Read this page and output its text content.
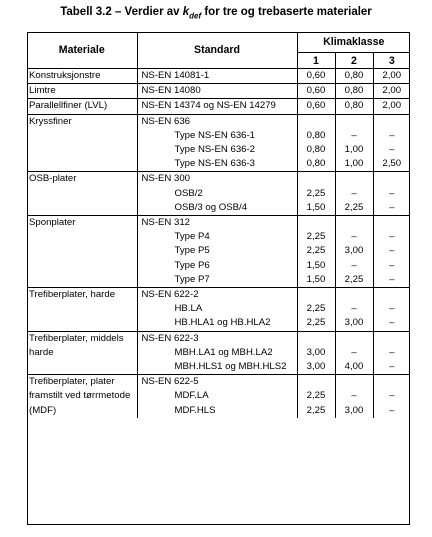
Tabell 3.2 – Verdier av $k_{def}$ for tre og trebaserte materialer
Materiale	Standard	Klimaklasse		
		1	2	3
Konstruksjonstre	NS-EN 14081-1	0,60	0,80	2,00
Limtre	NS-EN 14080	0,60	0,80	2,00
Parallellfiner (LVL)	NS-EN 14374 og NS-EN 14279	0,60	0,80	2,00
Kryssfiner	NS-EN 636			
	Type NS-EN 636-1	0,80	–	–
	Type NS-EN 636-2	0,80	1,00	–
	Type NS-EN 636-3	0,80	1,00	2,50
OSB-plater	NS-EN 300			
	OSB/2	2,25	–	–
	OSB/3 og OSB/4	1,50	2,25	–
Sponplater	NS-EN 312			
	Type P4	2,25	–	–
	Type P5	2,25	3,00	–
	Type P6	1,50	–	–
	Type P7	1,50	2,25	–
Trefiberplater, harde	NS-EN 622-2			
	HB.LA	2,25	–	–
	HB.HLA1 og HB.HLA2	2,25	3,00	–
Trefiberplater, middels harde	NS-EN 622-3			
	MBH.LA1 og MBH.LA2	3,00	–	–
	MBH.HLS1 og MBH.HLS2	3,00	4,00	–
Trefiberplater, plater framstilt ved tørrmetode (MDF)	NS-EN 622-5			
	MDF.LA	2,25	–	–
	MDF.HLS	2,25	3,00	–
